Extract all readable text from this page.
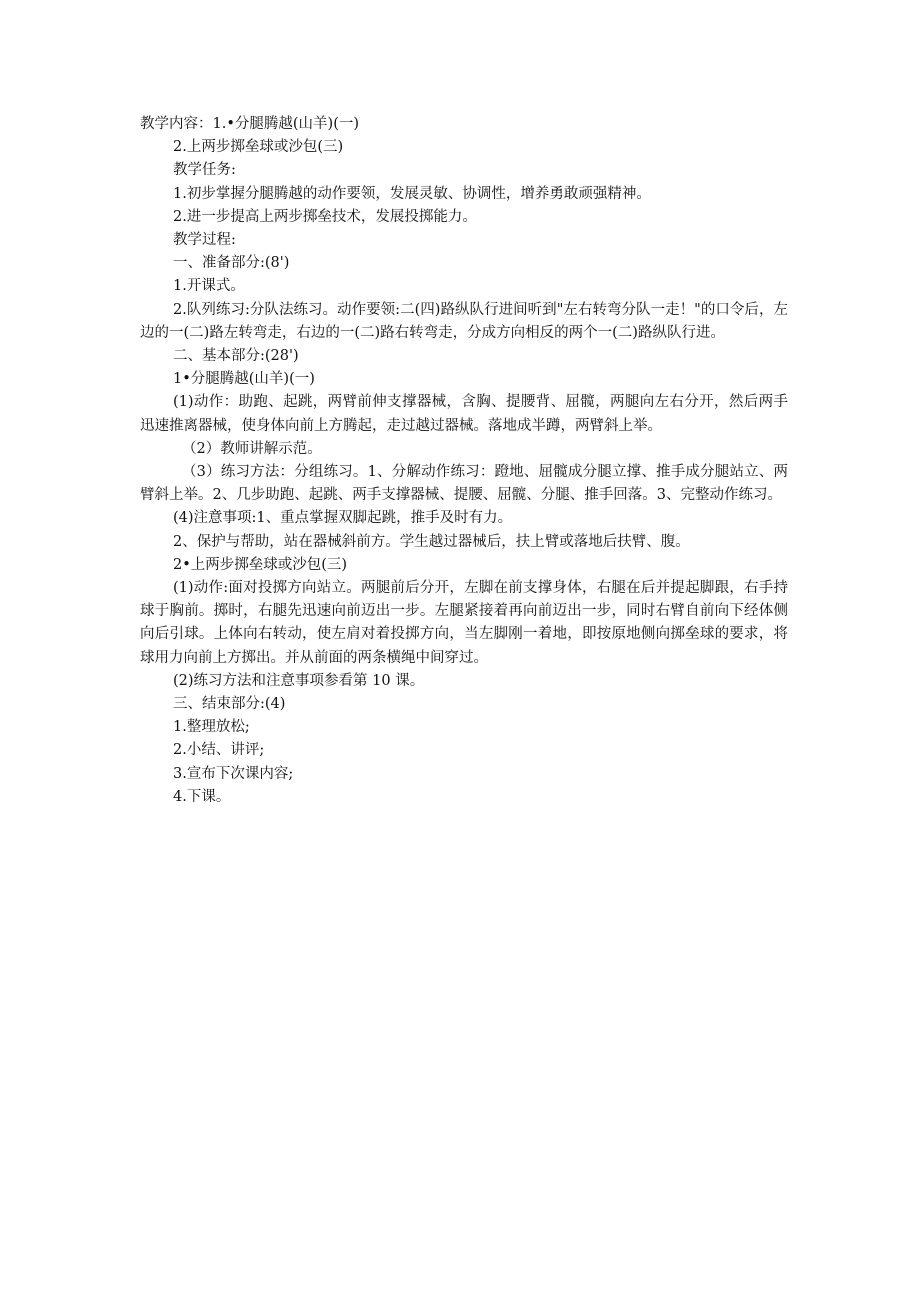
教学内容：1.•分腿腾越(山羊)(一)

2.上两步掷垒球或沙包(三)

教学任务:

1.初步掌握分腿腾越的动作要领，发展灵敏、协调性，增养勇敢顽强精神。

2.进一步提高上两步掷垒技术，发展投掷能力。

教学过程:

一、准备部分:(8')

1.开课式。

2.队列练习:分队法练习。动作要领:二(四)路纵队行进间听到"左右转弯分队一走！"的口令后，左边的一(二)路左转弯走，右边的一(二)路右转弯走，分成方向相反的两个一(二)路纵队行进。

二、基本部分:(28')

1•分腿腾越(山羊)(一)

(1)动作：助跑、起跳，两臂前伸支撑器械，含胸、提腰背、屈髋，两腿向左右分开，然后两手迅速推离器械，使身体向前上方腾起，走过越过器械。落地成半蹲，两臂斜上举。

（2）教师讲解示范。

（3）练习方法：分组练习。1、分解动作练习：蹬地、屈髋成分腿立撑、推手成分腿站立、两臂斜上举。2、几步助跑、起跳、两手支撑器械、提腰、屈髋、分腿、推手回落。3、完整动作练习。

(4)注意事项:1、重点掌握双脚起跳，推手及时有力。

2、保护与帮助，站在器械斜前方。学生越过器械后，扶上臂或落地后扶臂、腹。

2•上两步掷垒球或沙包(三)

(1)动作:面对投掷方向站立。两腿前后分开，左脚在前支撑身体，右腿在后并提起脚跟，右手持球于胸前。掷时，右腿先迅速向前迈出一步。左腿紧接着再向前迈出一步，同时右臂自前向下经体侧向后引球。上体向右转动，使左肩对着投掷方向，当左脚刚一着地，即按原地侧向掷垒球的要求，将球用力向前上方掷出。并从前面的两条横绳中间穿过。

(2)练习方法和注意事项参看第 10 课。

三、结束部分:(4)

1.整理放松;

2.小结、讲评;

3.宣布下次课内容;

4.下课。
